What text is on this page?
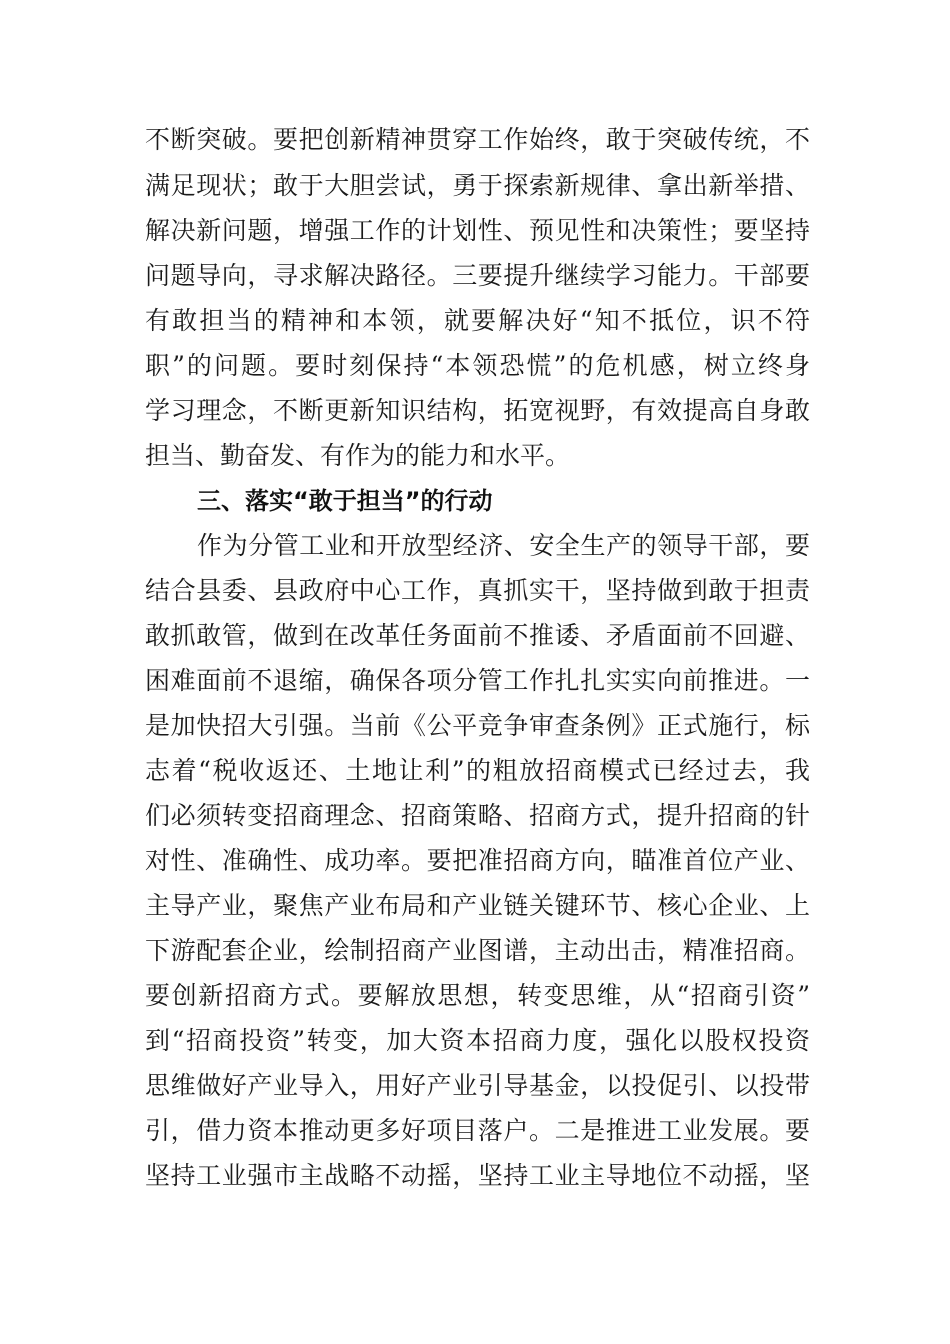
不断突破。要把创新精神贯穿工作始终，敢于突破传统，不
满足现状；敢于大胆尝试，勇于探索新规律、拿出新举措、
解决新问题，增强工作的计划性、预见性和决策性；要坚持
问题导向，寻求解决路径。三要提升继续学习能力。干部要
有敢担当的精神和本领，就要解决好“知不抵位，识不符
职”的问题。要时刻保持“本领恐慌”的危机感，树立终身
学习理念，不断更新知识结构，拓宽视野，有效提高自身敢
担当、勤奋发、有作为的能力和水平。
三、落实“敢于担当”的行动
作为分管工业和开放型经济、安全生产的领导干部，要
结合县委、县政府中心工作，真抓实干，坚持做到敢于担责
敢抓敢管，做到在改革任务面前不推诿、矛盾面前不回避、
困难面前不退缩，确保各项分管工作扎扎实实向前推进。一
是加快招大引强。当前《公平竞争审查条例》正式施行，标
志着“税收返还、土地让利”的粗放招商模式已经过去，我
们必须转变招商理念、招商策略、招商方式，提升招商的针
对性、准确性、成功率。要把准招商方向，瞄准首位产业、
主导产业，聚焦产业布局和产业链关键环节、核心企业、上
下游配套企业，绘制招商产业图谱，主动出击，精准招商。
要创新招商方式。要解放思想，转变思维，从“招商引资”
到“招商投资”转变，加大资本招商力度，强化以股权投资
思维做好产业导入，用好产业引导基金，以投促引、以投带
引，借力资本推动更多好项目落户。二是推进工业发展。要
坚持工业强市主战略不动摇，坚持工业主导地位不动摇，坚
